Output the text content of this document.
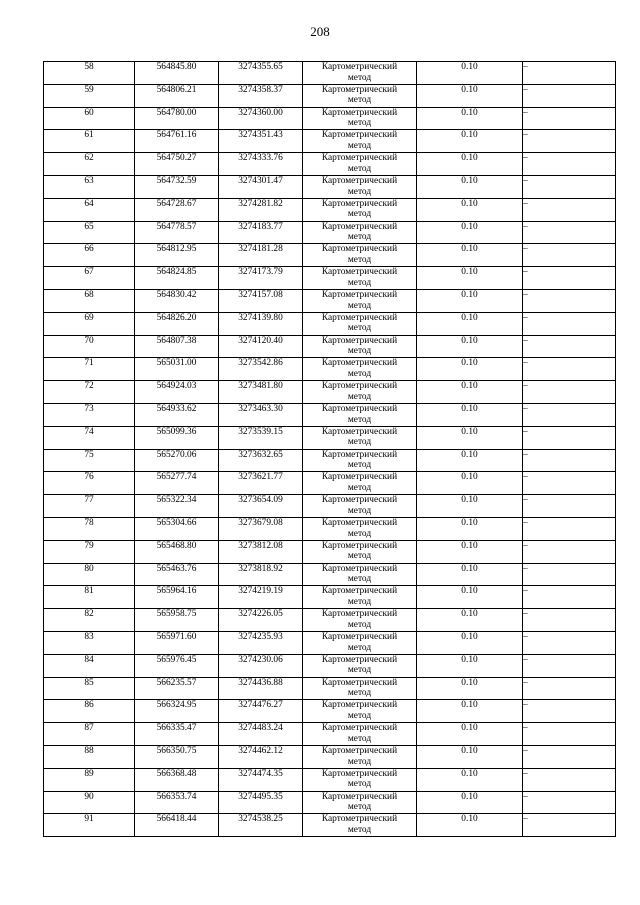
208
58	564845.80	3274355.65	Картометрический
метод	0.10	–
59	564806.21	3274358.37	Картометрический
метод	0.10	–
60	564780.00	3274360.00	Картометрический
метод	0.10	–
61	564761.16	3274351.43	Картометрический
метод	0.10	–
62	564750.27	3274333.76	Картометрический
метод	0.10	–
63	564732.59	3274301.47	Картометрический
метод	0.10	–
64	564728.67	3274281.82	Картометрический
метод	0.10	–
65	564778.57	3274183.77	Картометрический
метод	0.10	–
66	564812.95	3274181.28	Картометрический
метод	0.10	–
67	564824.85	3274173.79	Картометрический
метод	0.10	–
68	564830.42	3274157.08	Картометрический
метод	0.10	–
69	564826.20	3274139.80	Картометрический
метод	0.10	–
70	564807.38	3274120.40	Картометрический
метод	0.10	–
71	565031.00	3273542.86	Картометрический
метод	0.10	–
72	564924.03	3273481.80	Картометрический
метод	0.10	–
73	564933.62	3273463.30	Картометрический
метод	0.10	–
74	565099.36	3273539.15	Картометрический
метод	0.10	–
75	565270.06	3273632.65	Картометрический
метод	0.10	–
76	565277.74	3273621.77	Картометрический
метод	0.10	–
77	565322.34	3273654.09	Картометрический
метод	0.10	–
78	565304.66	3273679.08	Картометрический
метод	0.10	–
79	565468.80	3273812.08	Картометрический
метод	0.10	–
80	565463.76	3273818.92	Картометрический
метод	0.10	–
81	565964.16	3274219.19	Картометрический
метод	0.10	–
82	565958.75	3274226.05	Картометрический
метод	0.10	–
83	565971.60	3274235.93	Картометрический
метод	0.10	–
84	565976.45	3274230.06	Картометрический
метод	0.10	–
85	566235.57	3274436.88	Картометрический
метод	0.10	–
86	566324.95	3274476.27	Картометрический
метод	0.10	–
87	566335.47	3274483.24	Картометрический
метод	0.10	–
88	566350.75	3274462.12	Картометрический
метод	0.10	–
89	566368.48	3274474.35	Картометрический
метод	0.10	–
90	566353.74	3274495.35	Картометрический
метод	0.10	–
91	566418.44	3274538.25	Картометрический
метод	0.10	–
